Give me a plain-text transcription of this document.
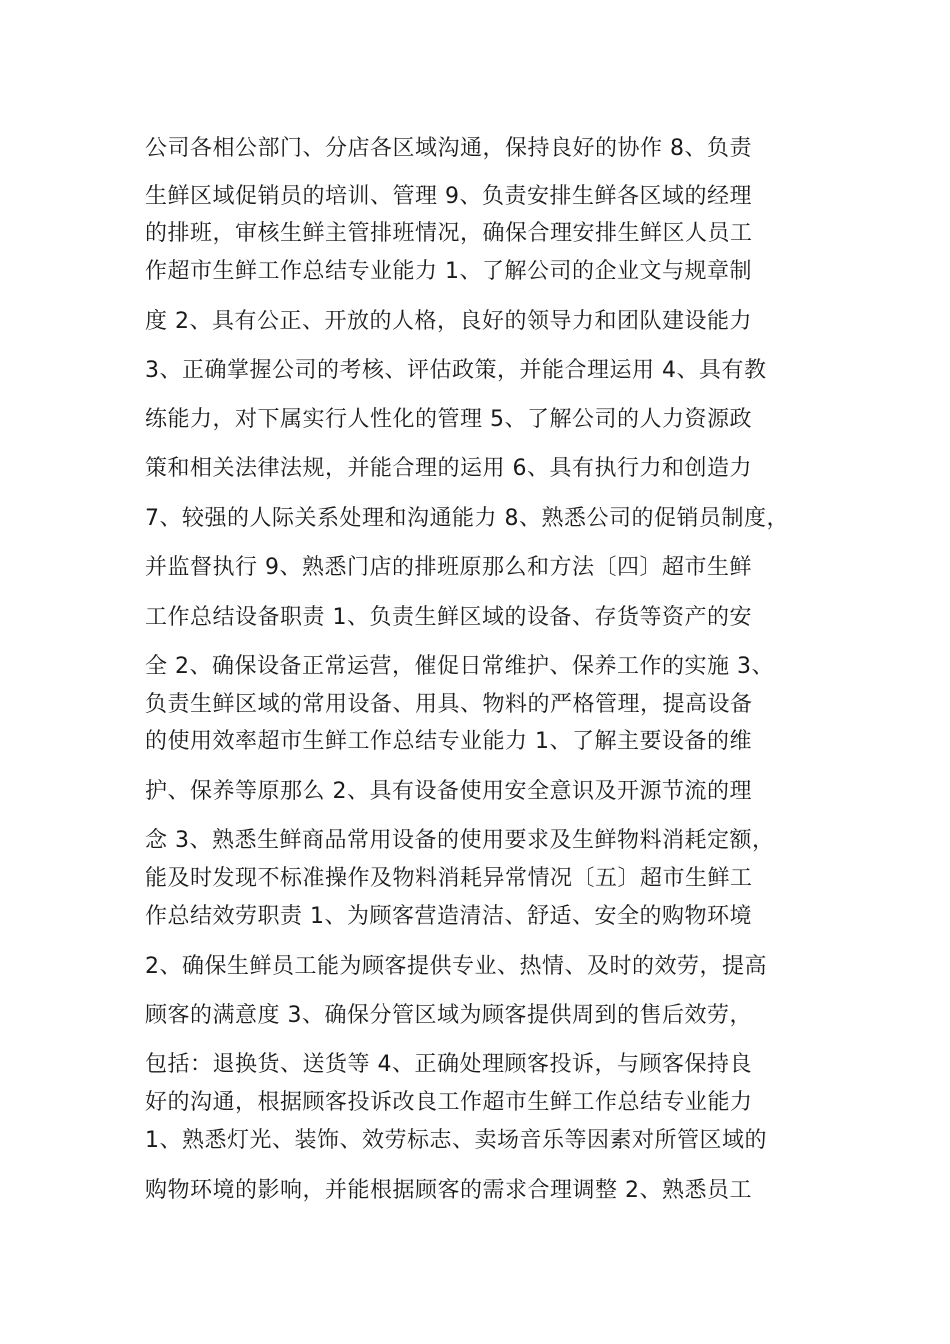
公司各相公部门、分店各区域沟通，保持良好的协作 8、负责
生鲜区域促销员的培训、管理 9、负责安排生鲜各区域的经理
的排班，审核生鲜主管排班情况，确保合理安排生鲜区人员工
作超市生鲜工作总结专业能力 1、了解公司的企业文与规章制
度 2、具有公正、开放的人格，良好的领导力和团队建设能力
3、正确掌握公司的考核、评估政策，并能合理运用 4、具有教
练能力，对下属实行人性化的管理 5、了解公司的人力资源政
策和相关法律法规，并能合理的运用 6、具有执行力和创造力
7、较强的人际关系处理和沟通能力 8、熟悉公司的促销员制度，
并监督执行 9、熟悉门店的排班原那么和方法〔四〕超市生鲜
工作总结设备职责 1、负责生鲜区域的设备、存货等资产的安
全 2、确保设备正常运营，催促日常维护、保养工作的实施 3、
负责生鲜区域的常用设备、用具、物料的严格管理，提高设备
的使用效率超市生鲜工作总结专业能力 1、了解主要设备的维
护、保养等原那么 2、具有设备使用安全意识及开源节流的理
念 3、熟悉生鲜商品常用设备的使用要求及生鲜物料消耗定额，
能及时发现不标准操作及物料消耗异常情况〔五〕超市生鲜工
作总结效劳职责 1、为顾客营造清洁、舒适、安全的购物环境
2、确保生鲜员工能为顾客提供专业、热情、及时的效劳，提高
顾客的满意度 3、确保分管区域为顾客提供周到的售后效劳，
包括：退换货、送货等 4、正确处理顾客投诉，与顾客保持良
好的沟通，根据顾客投诉改良工作超市生鲜工作总结专业能力
1、熟悉灯光、装饰、效劳标志、卖场音乐等因素对所管区域的
购物环境的影响，并能根据顾客的需求合理调整 2、熟悉员工
